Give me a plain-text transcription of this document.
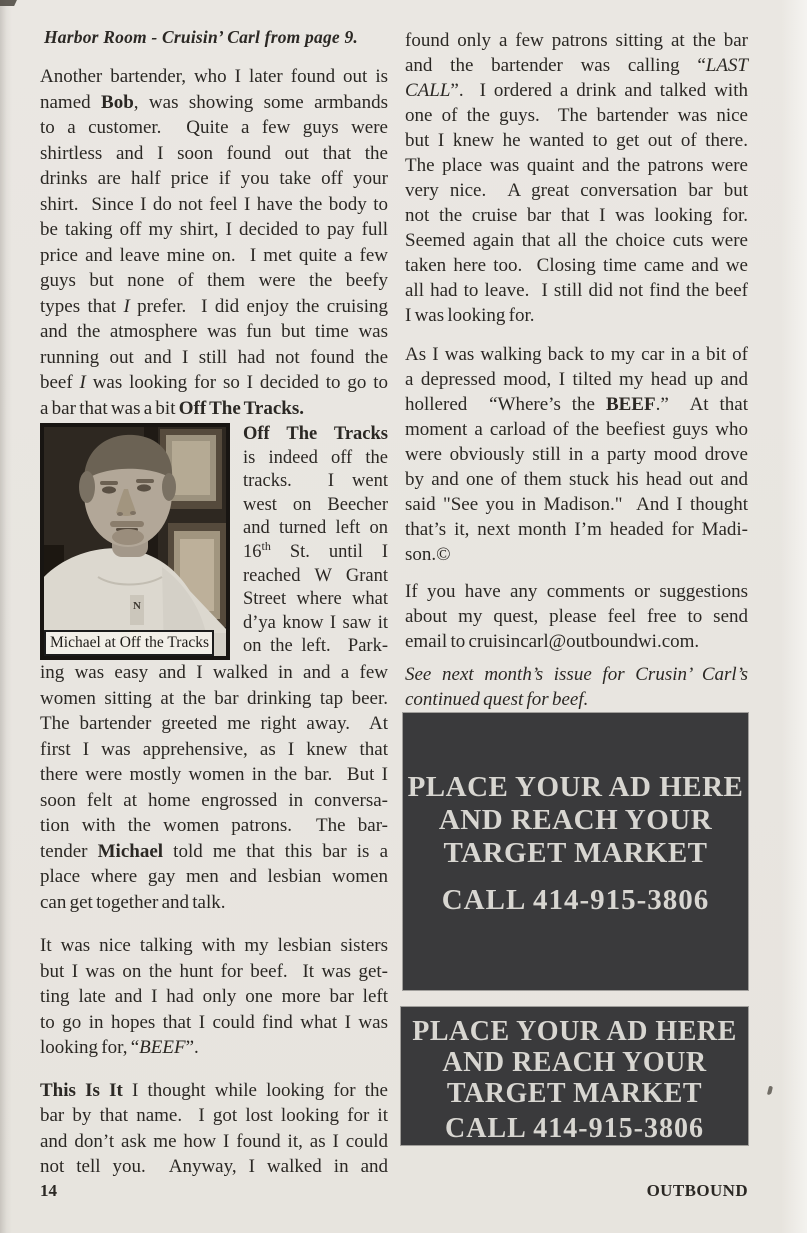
Harbor Room - Cruisin’ Carl from page 9.
Another bartender, who I later found out is
named Bob, was showing some armbands
to a customer.  Quite a few guys were
shirtless and I soon found out that the
drinks are half price if you take off your
shirt.  Since I do not feel I have the body to
be taking off my shirt, I decided to pay full
price and leave mine on.  I met quite a few
guys but none of them were the beefy
types that I prefer.  I did enjoy the cruising
and the atmosphere was fun but time was
running out and I still had not found the
beef I was looking for so I decided to go to
a bar that was a bit Off The Tracks.
N
Michael at Off the Tracks
Off The Tracks
is indeed off the
tracks.  I went
west on Beecher
and turned left on
16th St. until I
reached W Grant
Street where what
d’ya know I saw it
on the left.  Park-
ing was easy and I walked in and a few
women sitting at the bar drinking tap beer.
The bartender greeted me right away.  At
first I was apprehensive, as I knew that
there were mostly women in the bar.  But I
soon felt at home engrossed in conversa-
tion with the women patrons.  The bar-
tender Michael told me that this bar is a
place where gay men and lesbian women
can get together and talk.
It was nice talking with my lesbian sisters
but I was on the hunt for beef.  It was get-
ting late and I had only one more bar left
to go in hopes that I could find what I was
looking for, “BEEF”.
This Is It I thought while looking for the
bar by that name.  I got lost looking for it
and don’t ask me how I found it, as I could
not tell you.  Anyway, I walked in and
found only a few patrons sitting at the bar
and the bartender was calling “LAST
CALL”.  I ordered a drink and talked with
one of the guys.  The bartender was nice
but I knew he wanted to get out of there.
The place was quaint and the patrons were
very nice.  A great conversation bar but
not the cruise bar that I was looking for.
Seemed again that all the choice cuts were
taken here too.  Closing time came and we
all had to leave.  I still did not find the beef
I was looking for.
As I was walking back to my car in a bit of
a depressed mood, I tilted my head up and
hollered  “Where’s the BEEF.”  At that
moment a carload of the beefiest guys who
were obviously still in a party mood drove
by and one of them stuck his head out and
said "See you in Madison."  And I thought
that’s it, next month I’m headed for Madi-
son.©
If you have any comments or suggestions
about my quest, please feel free to send
email to cruisincarl@outboundwi.com.
See next month’s issue for Crusin’ Carl’s
continued quest for beef.
PLACE YOUR AD HERE
AND REACH YOUR
TARGET MARKET
CALL 414-915-3806
PLACE YOUR AD HERE
AND REACH YOUR
TARGET MARKET
CALL 414-915-3806
14	OUTBOUND
